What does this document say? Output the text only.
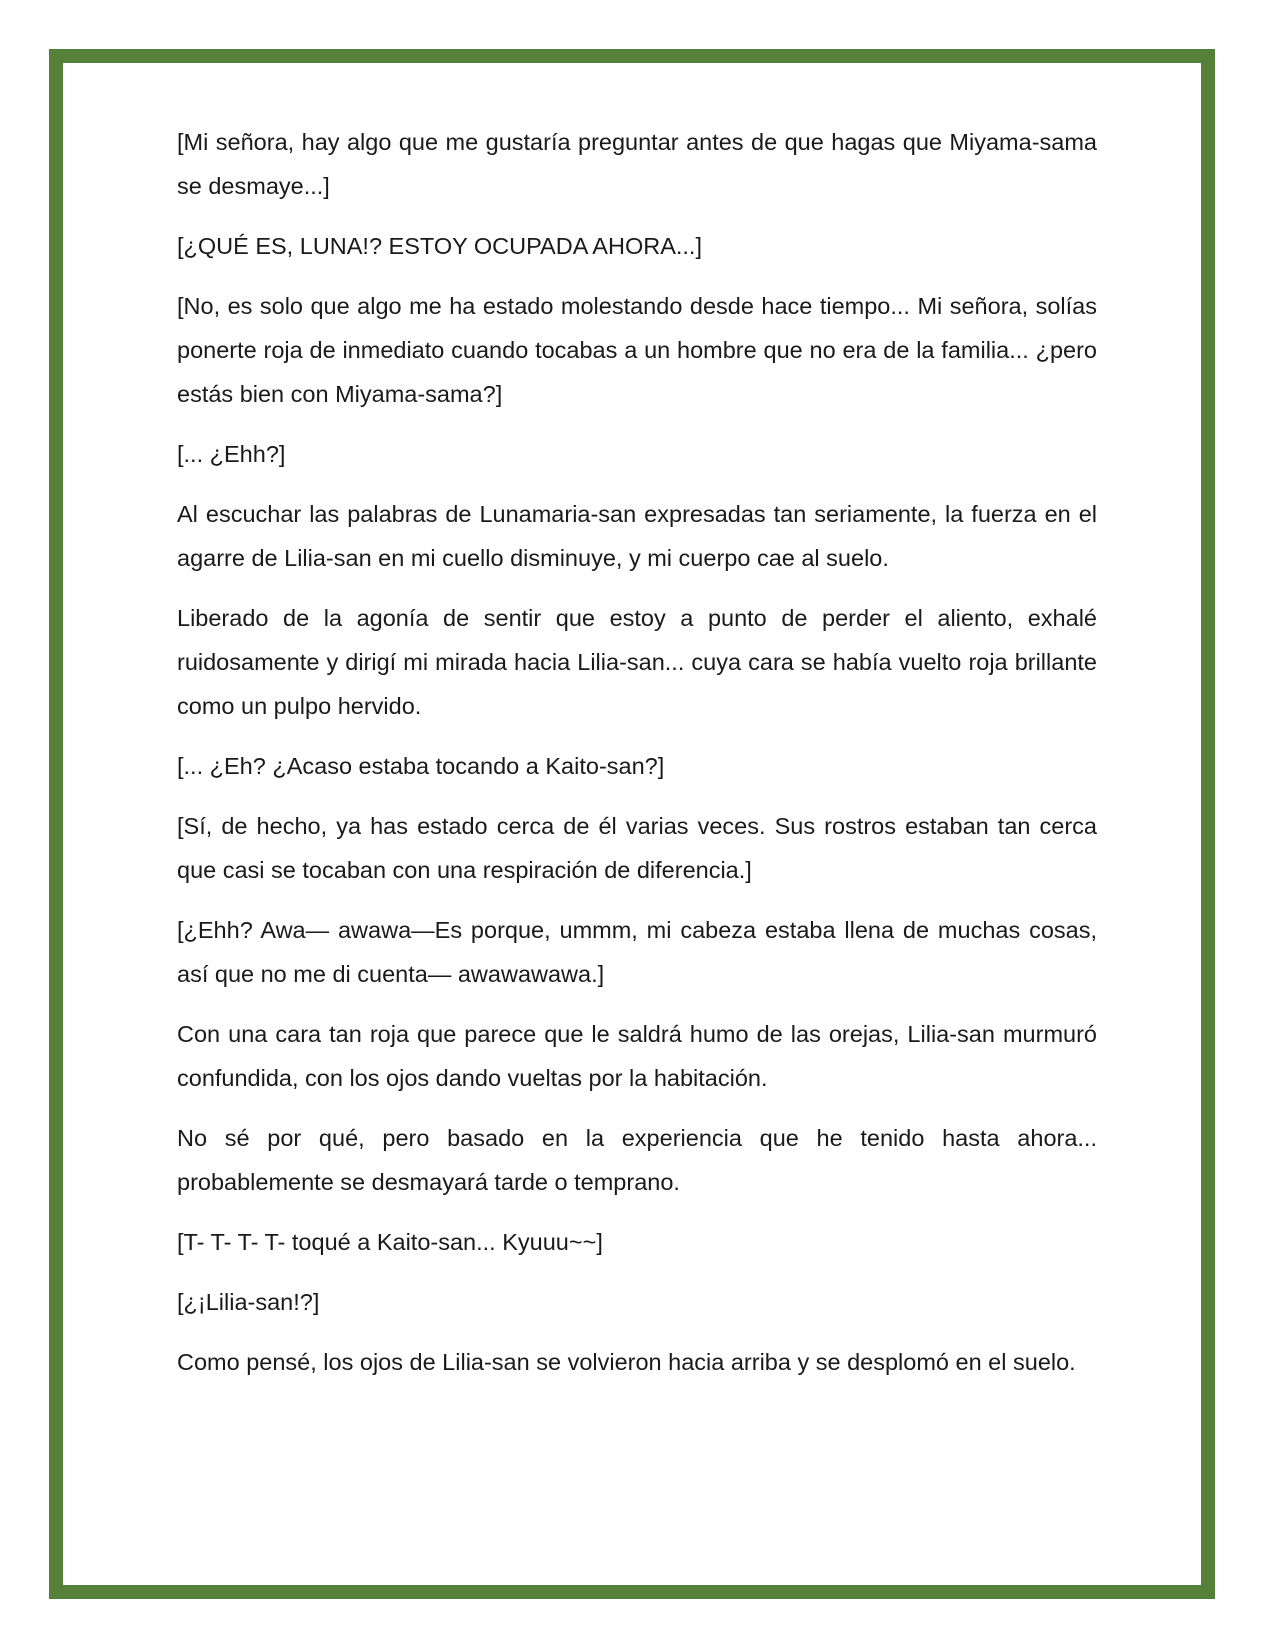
[Mi señora, hay algo que me gustaría preguntar antes de que hagas que Miyama-sama se desmaye...]

[¿QUÉ ES, LUNA!? ESTOY OCUPADA AHORA...]

[No, es solo que algo me ha estado molestando desde hace tiempo... Mi señora, solías ponerte roja de inmediato cuando tocabas a un hombre que no era de la familia... ¿pero estás bien con Miyama-sama?]

[... ¿Ehh?]

Al escuchar las palabras de Lunamaria-san expresadas tan seriamente, la fuerza en el agarre de Lilia-san en mi cuello disminuye, y mi cuerpo cae al suelo.

Liberado de la agonía de sentir que estoy a punto de perder el aliento, exhalé ruidosamente y dirigí mi mirada hacia Lilia-san... cuya cara se había vuelto roja brillante como un pulpo hervido.

[... ¿Eh? ¿Acaso estaba tocando a Kaito-san?]

[Sí, de hecho, ya has estado cerca de él varias veces. Sus rostros estaban tan cerca que casi se tocaban con una respiración de diferencia.]

[¿Ehh? Awa— awawa—Es porque, ummm, mi cabeza estaba llena de muchas cosas, así que no me di cuenta— awawawawa.]

Con una cara tan roja que parece que le saldrá humo de las orejas, Lilia-san murmuró confundida, con los ojos dando vueltas por la habitación.

No sé por qué, pero basado en la experiencia que he tenido hasta ahora... probablemente se desmayará tarde o temprano.

[T- T- T- T- toqué a Kaito-san... Kyuuu~~]

[¿¡Lilia-san!?]

Como pensé, los ojos de Lilia-san se volvieron hacia arriba y se desplomó en el suelo.
